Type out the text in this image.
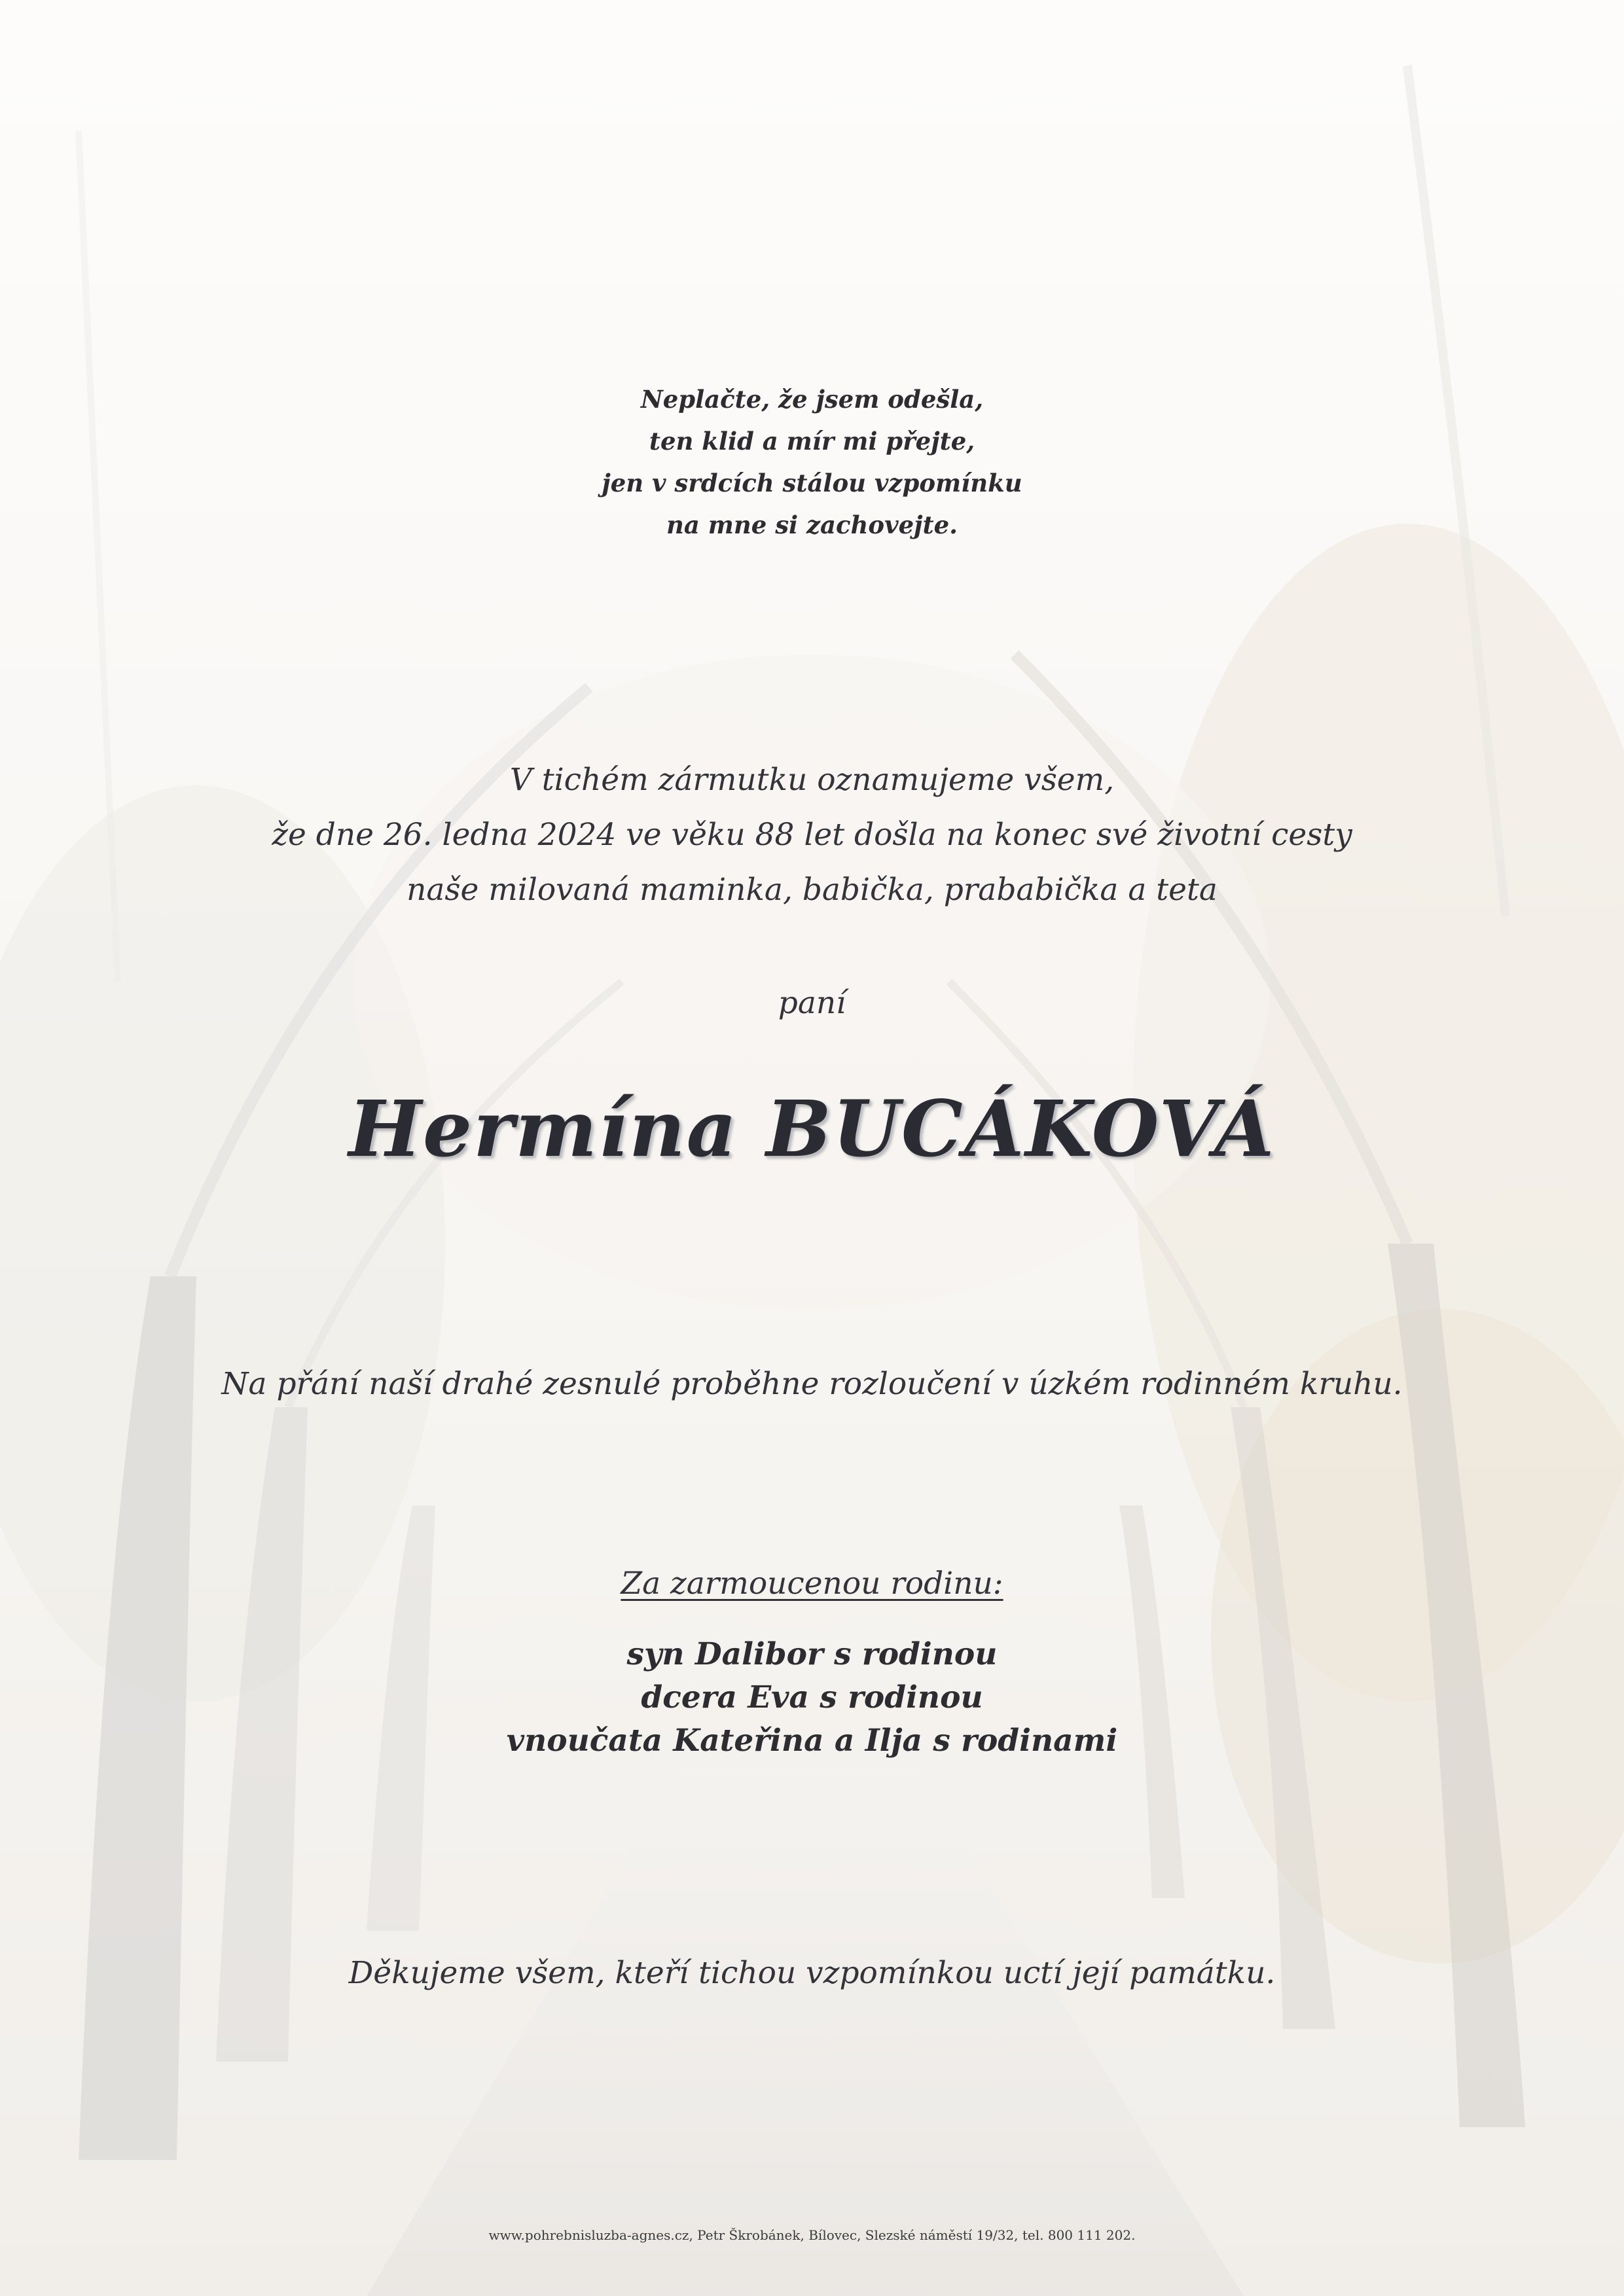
Neplačte, že jsem odešla,
ten klid a mír mi přejte,
jen v srdcích stálou vzpomínku
na mne si zachovejte.
V tichém zármutku oznamujeme všem,
že dne 26. ledna 2024 ve věku 88 let došla na konec své životní cesty
naše milovaná maminka, babička, prababička a teta
paní
Hermína BUCÁKOVÁ
Na přání naší drahé zesnulé proběhne rozloučení v úzkém rodinném kruhu.
Za zarmoucenou rodinu:
syn Dalibor s rodinou
dcera Eva s rodinou
vnoučata Kateřina a Ilja s rodinami
Děkujeme všem, kteří tichou vzpomínkou uctí její památku.
www.pohrebnisluzba-agnes.cz, Petr Škrobánek, Bílovec, Slezské náměstí 19/32, tel. 800 111 202.
